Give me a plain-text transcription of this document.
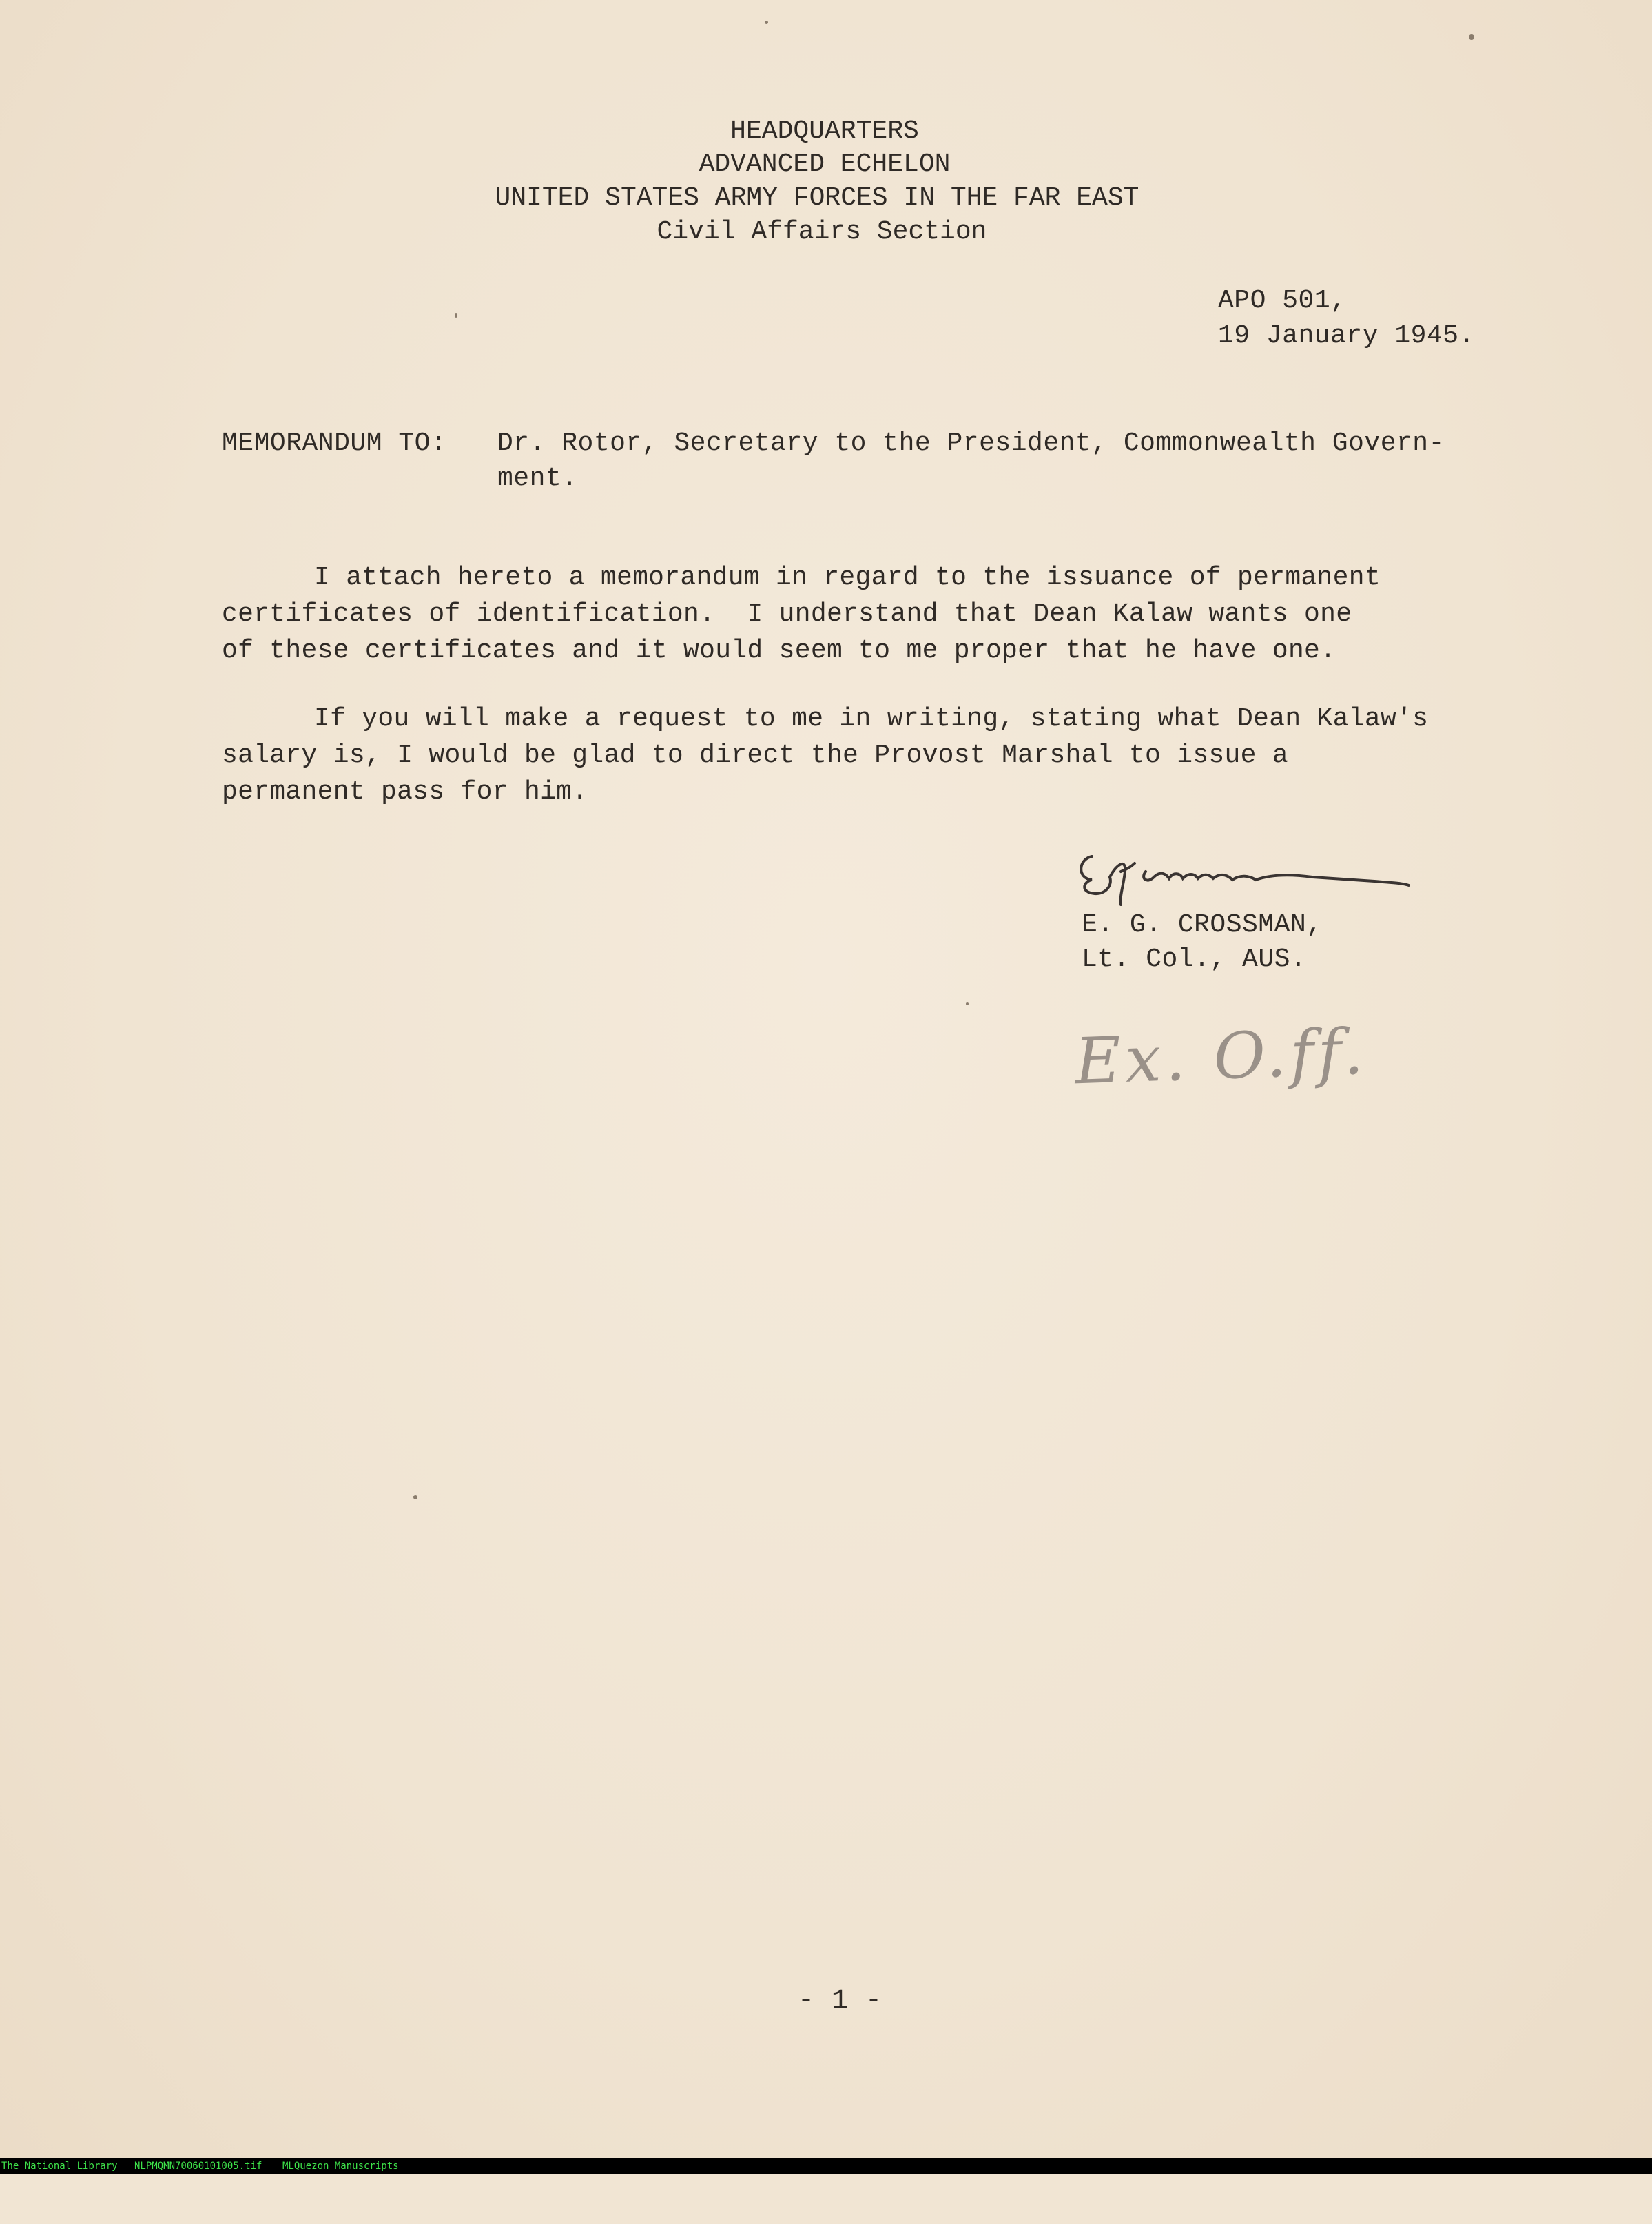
HEADQUARTERS
ADVANCED ECHELON
UNITED STATES ARMY FORCES IN THE FAR EAST
Civil Affairs Section
APO 501,
19 January 1945.
MEMORANDUM TO: Dr. Rotor, Secretary to the President, Commonwealth Govern-
ment.
I attach hereto a memorandum in regard to the issuance of permanent
certificates of identification.  I understand that Dean Kalaw wants one
of these certificates and it would seem to me proper that he have one.
If you will make a request to me in writing, stating what Dean Kalaw's
salary is, I would be glad to direct the Provost Marshal to issue a
permanent pass for him.
E. G. CROSSMAN,
Lt. Col., AUS.
Ex. O.ff.
- 1 -

The National Library

NLPMQMN70060101005.tif

MLQuezon Manuscripts
